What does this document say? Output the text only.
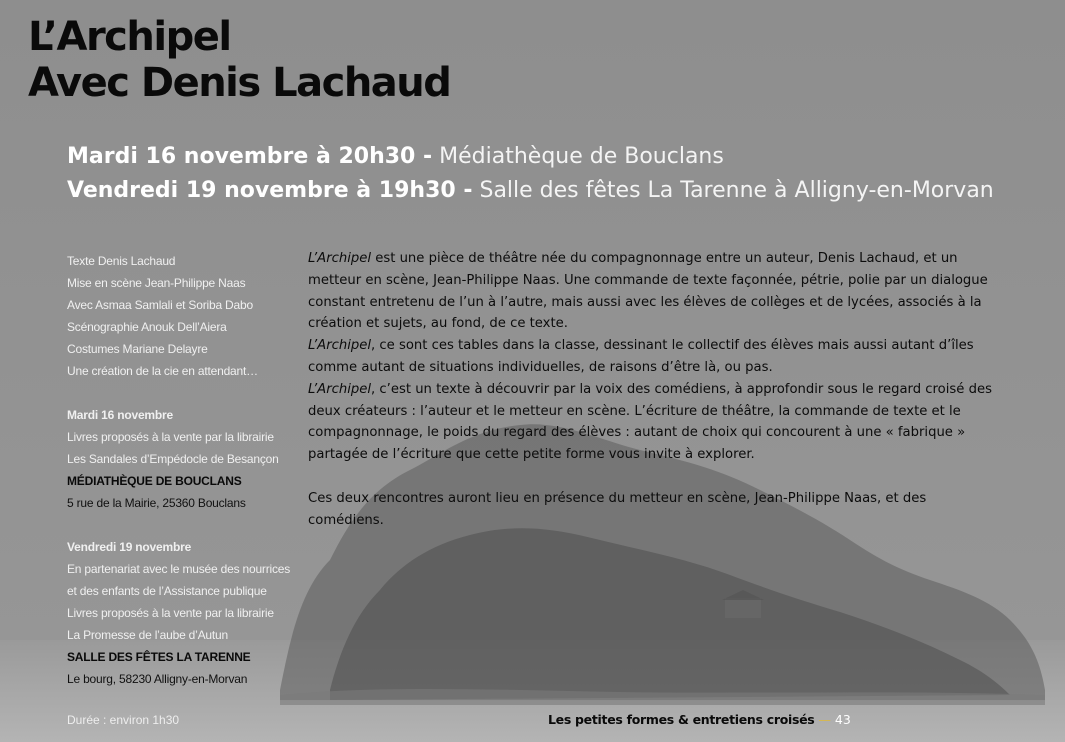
L’Archipel
Avec Denis Lachaud
Mardi 16 novembre à 20h30 - Médiathèque de Bouclans
Vendredi 19 novembre à 19h30 - Salle des fêtes La Tarenne à Alligny-en-Morvan
Texte Denis Lachaud
Mise en scène Jean-Philippe Naas
Avec Asmaa Samlali et Soriba Dabo
Scénographie Anouk Dell’Aiera
Costumes Mariane Delayre
Une création de la cie en attendant…
Mardi 16 novembre
Livres proposés à la vente par la librairie
Les Sandales d’Empédocle de Besançon
MÉDIATHÈQUE DE BOUCLANS
5 rue de la Mairie, 25360 Bouclans
Vendredi 19 novembre
En partenariat avec le musée des nourrices
et des enfants de l’Assistance publique
Livres proposés à la vente par la librairie
La Promesse de l’aube d’Autun
SALLE DES FÊTES LA TARENNE
Le bourg, 58230 Alligny-en-Morvan
L’Archipel est une pièce de théâtre née du compagnonnage entre un auteur, Denis Lachaud, et un metteur en scène, Jean-Philippe Naas. Une commande de texte façonnée, pétrie, polie par un dialogue constant entretenu de l’un à l’autre, mais aussi avec les élèves de collèges et de lycées, associés à la création et sujets, au fond, de ce texte.
L’Archipel, ce sont ces tables dans la classe, dessinant le collectif des élèves mais aussi autant d’îles comme autant de situations individuelles, de raisons d’être là, ou pas.
L’Archipel, c’est un texte à découvrir par la voix des comédiens, à approfondir sous le regard croisé des deux créateurs : l’auteur et le metteur en scène. L’écriture de théâtre, la commande de texte et le compagnonnage, le poids du regard des élèves : autant de choix qui concourent à une « fabrique » partagée de l’écriture que cette petite forme vous invite à explorer.
Ces deux rencontres auront lieu en présence du metteur en scène, Jean-Philippe Naas, et des comédiens.
Durée : environ 1h30	Les petites formes & entretiens croisés — 43
